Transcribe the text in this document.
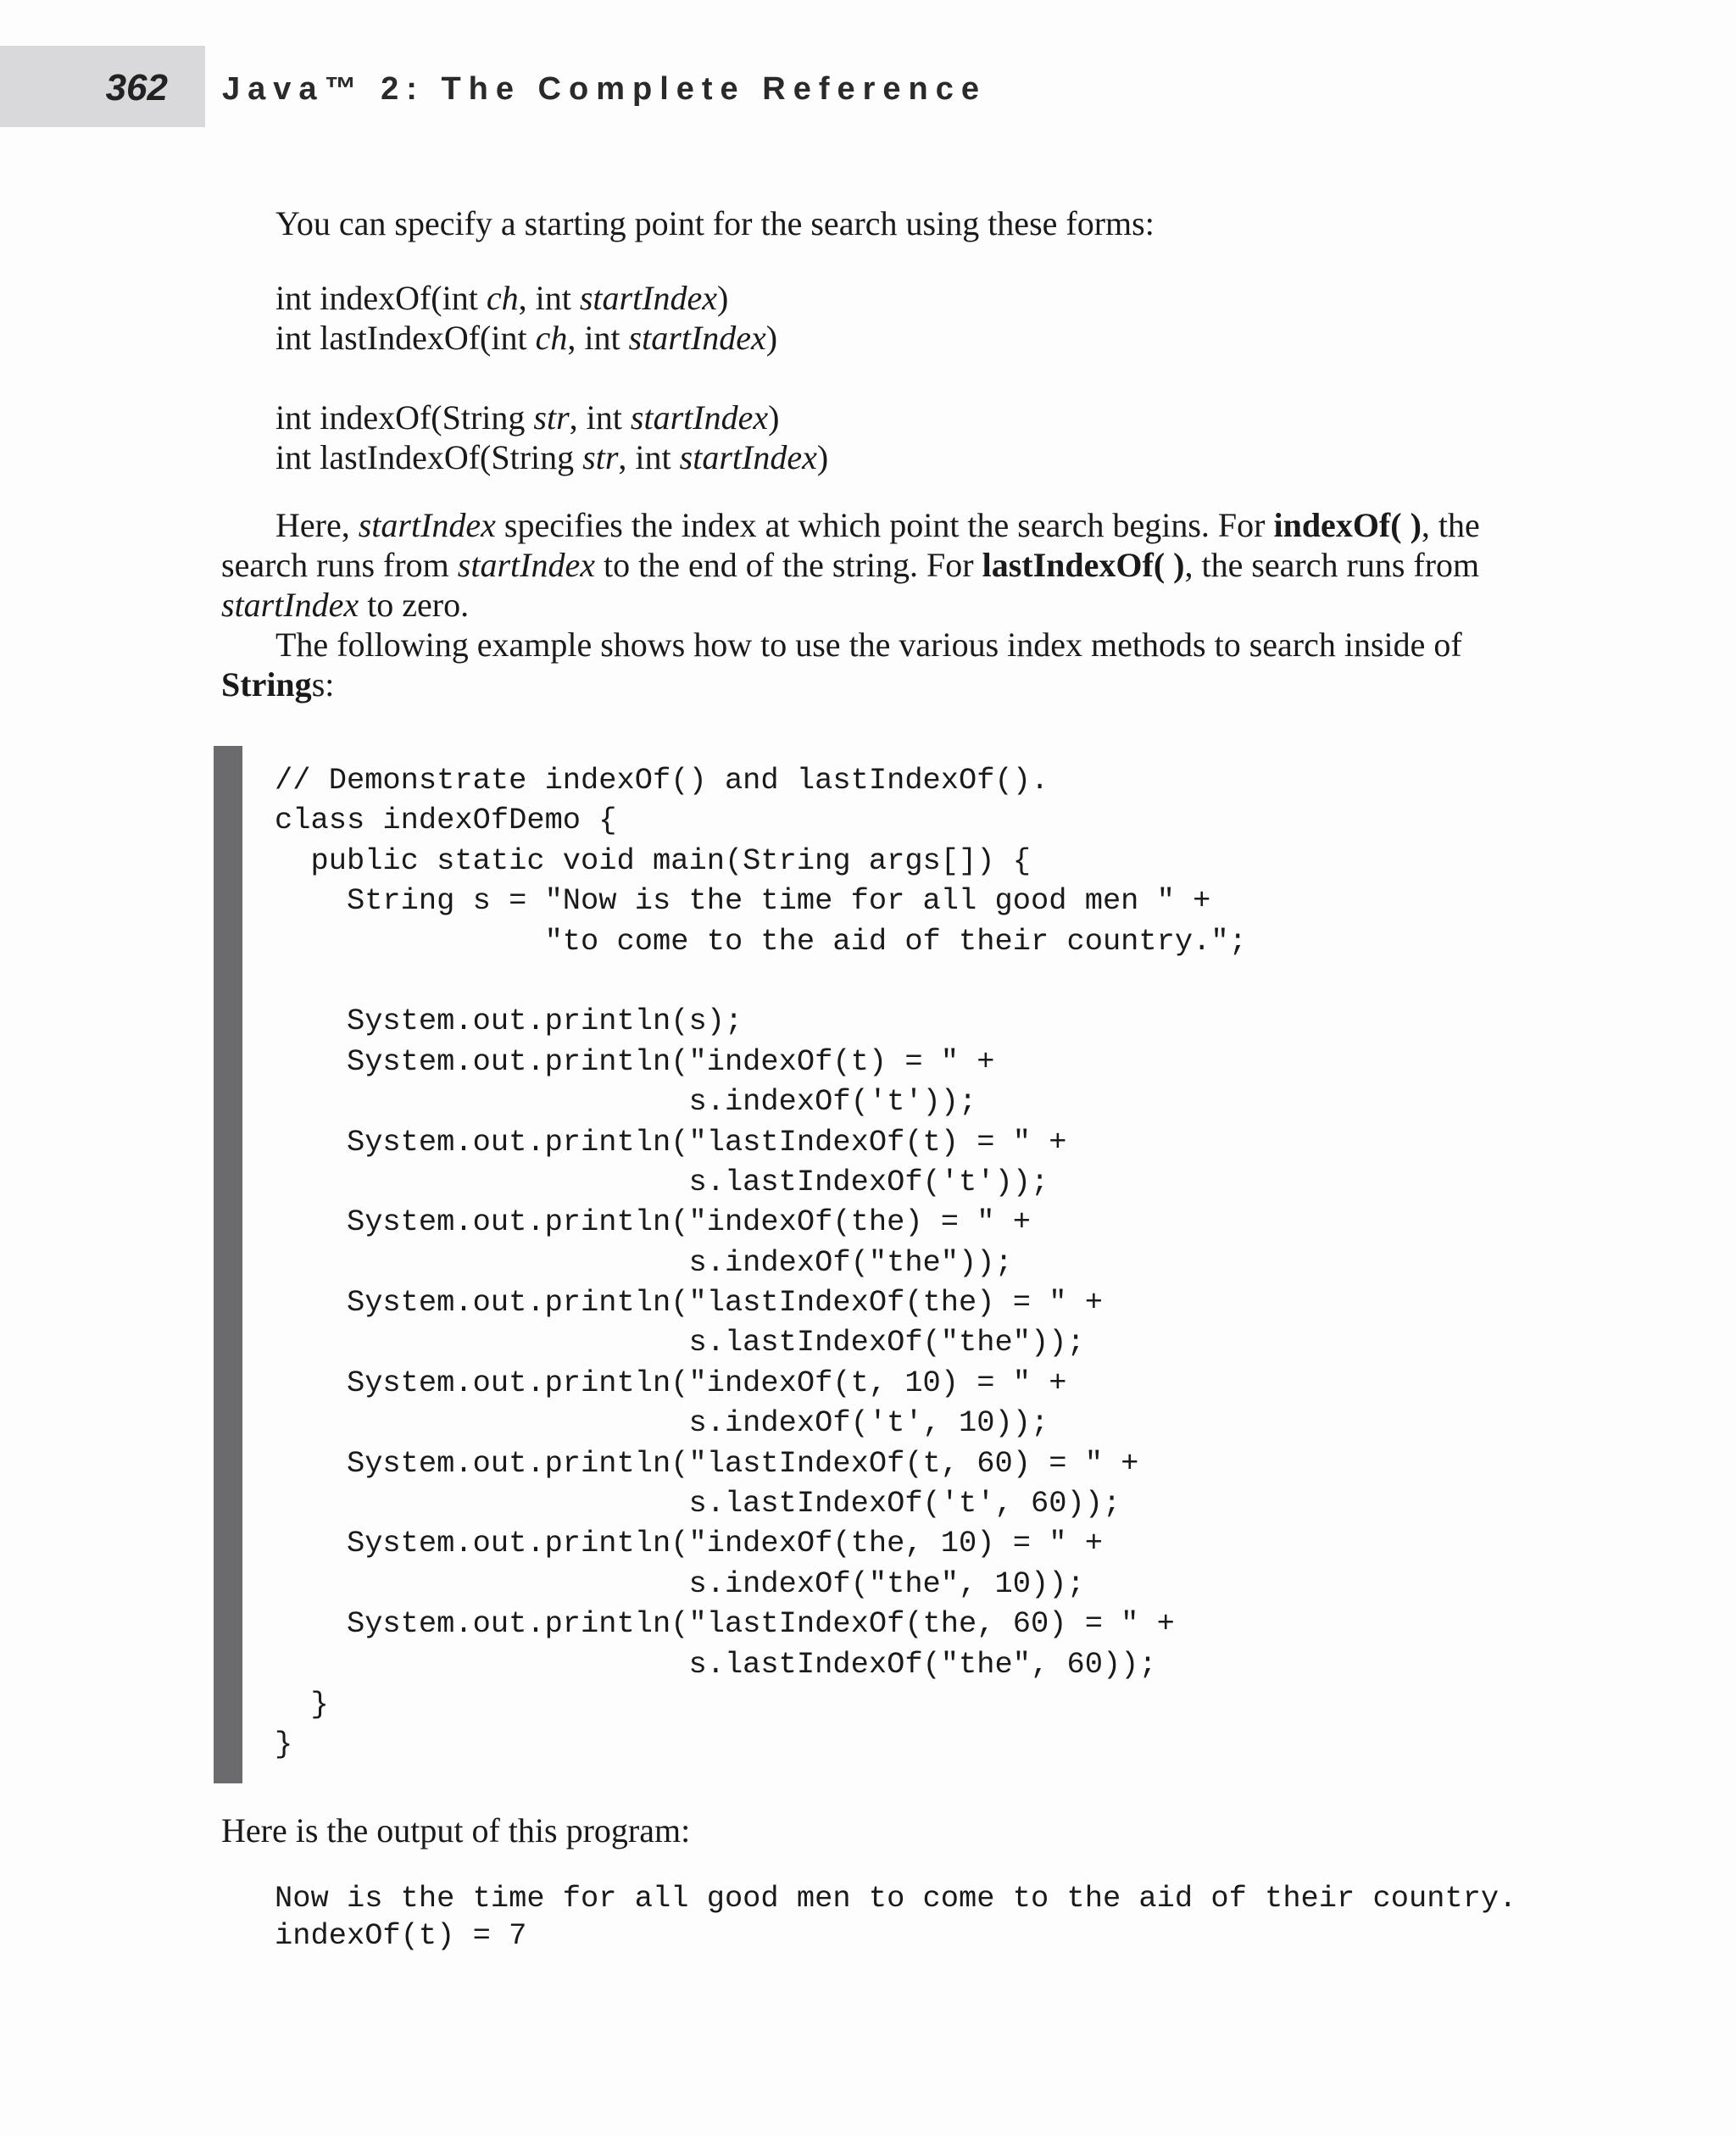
362 Java™ 2: The Complete Reference
You can specify a starting point for the search using these forms:
int indexOf(int ch, int startIndex)
int lastIndexOf(int ch, int startIndex)
int indexOf(String str, int startIndex)
int lastIndexOf(String str, int startIndex)

Here, startIndex specifies the index at which point the search begins. For indexOf( ), the search runs from startIndex to the end of the string. For lastIndexOf( ), the search runs from startIndex to zero.

The following example shows how to use the various index methods to search inside of Strings:

// Demonstrate indexOf() and lastIndexOf().
class indexOfDemo {
public static void main(String args[]) {
String s = "Now is the time for all good men " +
"to come to the aid of their country.";
System.out.println(s);
System.out.println("indexOf(t) = " +
s.indexOf('t'));
System.out.println("lastIndexOf(t) = " +
s.lastIndexOf('t'));
System.out.println("indexOf(the) = " +
s.indexOf("the"));
System.out.println("lastIndexOf(the) = " +
s.lastIndexOf("the"));
System.out.println("indexOf(t, 10) = " +
s.indexOf('t', 10));
System.out.println("lastIndexOf(t, 60) = " +
s.lastIndexOf('t', 60));
System.out.println("indexOf(the, 10) = " +
s.indexOf("the", 10));
System.out.println("lastIndexOf(the, 60) = " +
s.lastIndexOf("the", 60));
}
}
Here is the output of this program:
Now is the time for all good men to come to the aid of their country.
indexOf(t) = 7
